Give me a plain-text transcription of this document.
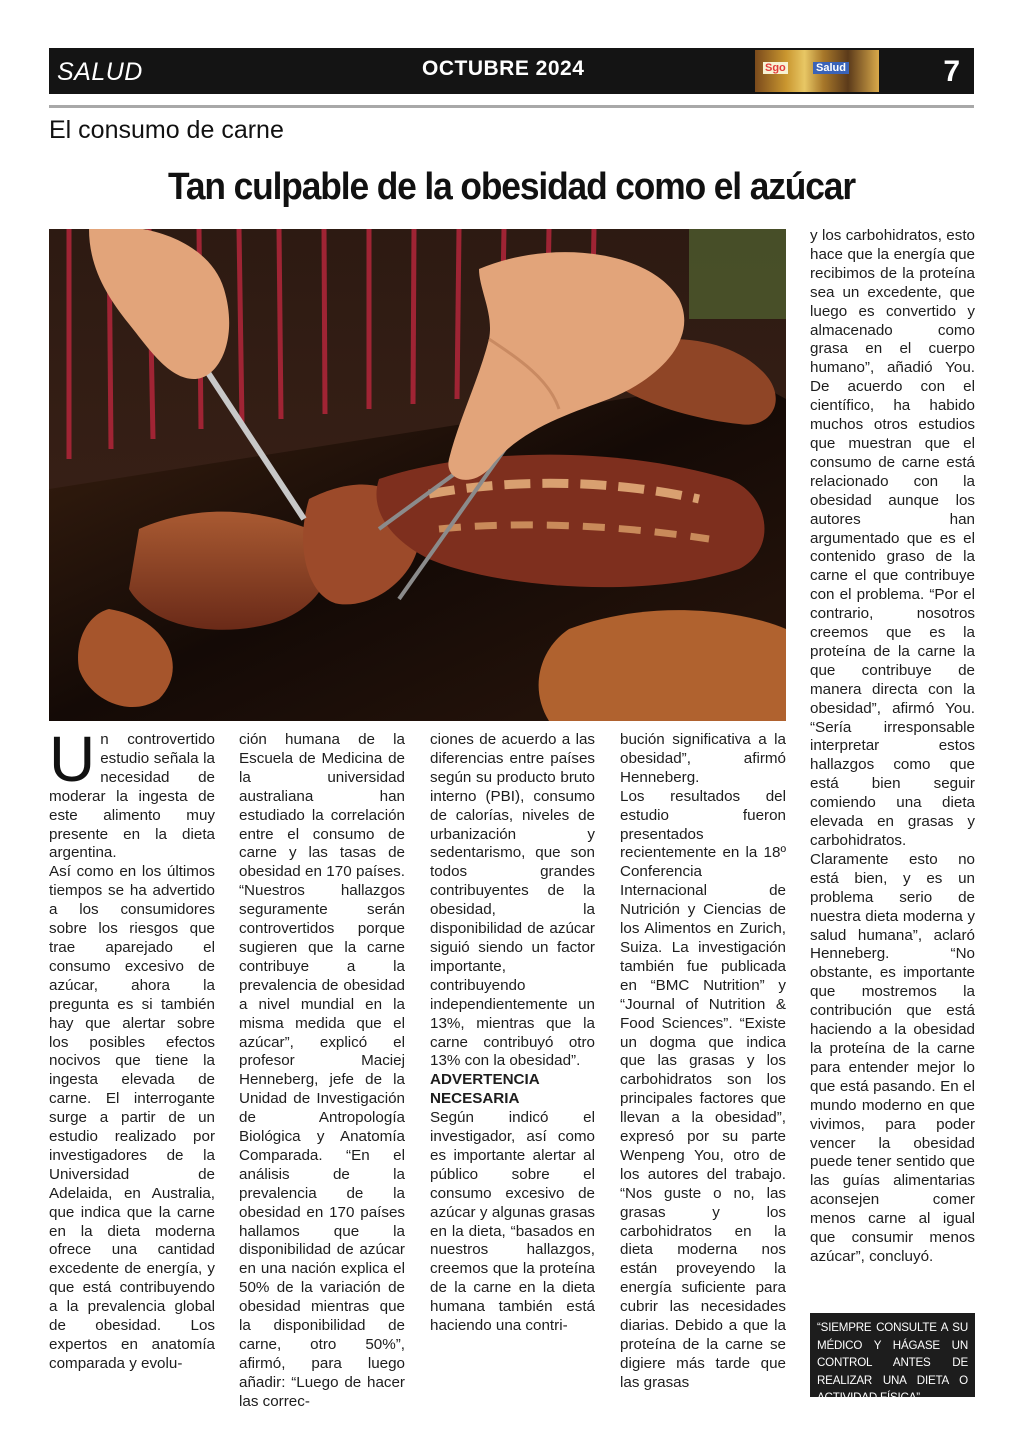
SALUD	OCTUBRE 2024	Sgo	Salud	7
El consumo de carne
Tan culpable de la obesidad como el azúcar
U n controvertido estudio señala la necesidad de moderar la ingesta de este alimento muy presente en la dieta argentina.
Así como en los últimos tiempos se ha advertido a los consumidores sobre los riesgos que trae aparejado el consumo excesivo de azúcar, ahora la pregunta es si también hay que alertar sobre los posibles efectos nocivos que tiene la ingesta elevada de carne. El interrogante surge a partir de un estudio realizado por investigadores de la Universidad de Adelaida, en Australia, que indica que la carne en la dieta moderna ofrece una cantidad excedente de energía, y que está contribuyendo a la prevalencia global de obesidad. Los expertos en anatomía comparada y evolu-

ción humana de la Escuela de Medicina de la universidad australiana han estudiado la correlación entre el consumo de carne y las tasas de obesidad en 170 países. “Nuestros hallazgos seguramente serán controvertidos porque sugieren que la carne contribuye a la prevalencia de obesidad a nivel mundial en la misma medida que el azúcar”, explicó el profesor Maciej Henneberg, jefe de la Unidad de Investigación de Antropología Biológica y Anatomía Comparada. “En el análisis de la prevalencia de la obesidad en 170 países hallamos que la disponibilidad de azúcar en una nación explica el 50% de la variación de obesidad mientras que la disponibilidad de carne, otro 50%”, afirmó, para luego añadir: “Luego de hacer las correc-

ciones de acuerdo a las diferencias entre países según su producto bruto interno (PBI), consumo de calorías, niveles de urbanización y sedentarismo, que son todos grandes contribuyentes de la obesidad, la disponibilidad de azúcar siguió siendo un factor importante, contribuyendo independientemente un 13%, mientras que la carne contribuyó otro 13% con la obesidad”.

ADVERTENCIA NECESARIA

Según indicó el investigador, así como es importante alertar al público sobre el consumo excesivo de azúcar y algunas grasas en la dieta, “basados en nuestros hallazgos, creemos que la proteína de la carne en la dieta humana también está haciendo una contri-

bución significativa a la obesidad”, afirmó Henneberg.
Los resultados del estudio fueron presentados recientemente en la 18º Conferencia Internacional de Nutrición y Ciencias de los Alimentos en Zurich, Suiza. La investigación también fue publicada en “BMC Nutrition” y “Journal of Nutrition & Food Sciences”. “Existe un dogma que indica que las grasas y los carbohidratos son los principales factores que llevan a la obesidad”, expresó por su parte Wenpeng You, otro de los autores del trabajo. “Nos guste o no, las grasas y los carbohidratos en la dieta moderna nos están proveyendo la energía suficiente para cubrir las necesidades diarias. Debido a que la proteína de la carne se digiere más tarde que las grasas

y los carbohidratos, esto hace que la energía que recibimos de la proteína sea un excedente, que luego es convertido y almacenado como grasa en el cuerpo humano”, añadió You. De acuerdo con el científico, ha habido muchos otros estudios que muestran que el consumo de carne está relacionado con la obesidad aunque los autores han argumentado que es el contenido graso de la carne el que contribuye con el problema. “Por el contrario, nosotros creemos que es la proteína de la carne la que contribuye de manera directa con la obesidad”, afirmó You. “Sería irresponsable interpretar estos hallazgos como que está bien seguir comiendo una dieta elevada en grasas y carbohidratos. Claramente esto no está bien, y es un problema serio de nuestra dieta moderna y salud humana”, aclaró Henneberg. “No obstante, es importante que mostremos la contribución que está haciendo a la obesidad la proteína de la carne para entender mejor lo que está pasando. En el mundo moderno en que vivimos, para poder vencer la obesidad puede tener sentido que las guías alimentarias aconsejen comer menos carne al igual que consumir menos azúcar”, concluyó.

“SIEMPRE CONSULTE A SU MÉDICO Y HÁGASE UN CONTROL ANTES DE REALIZAR UNA DIETA O ACTIVIDAD FÍSICA”
